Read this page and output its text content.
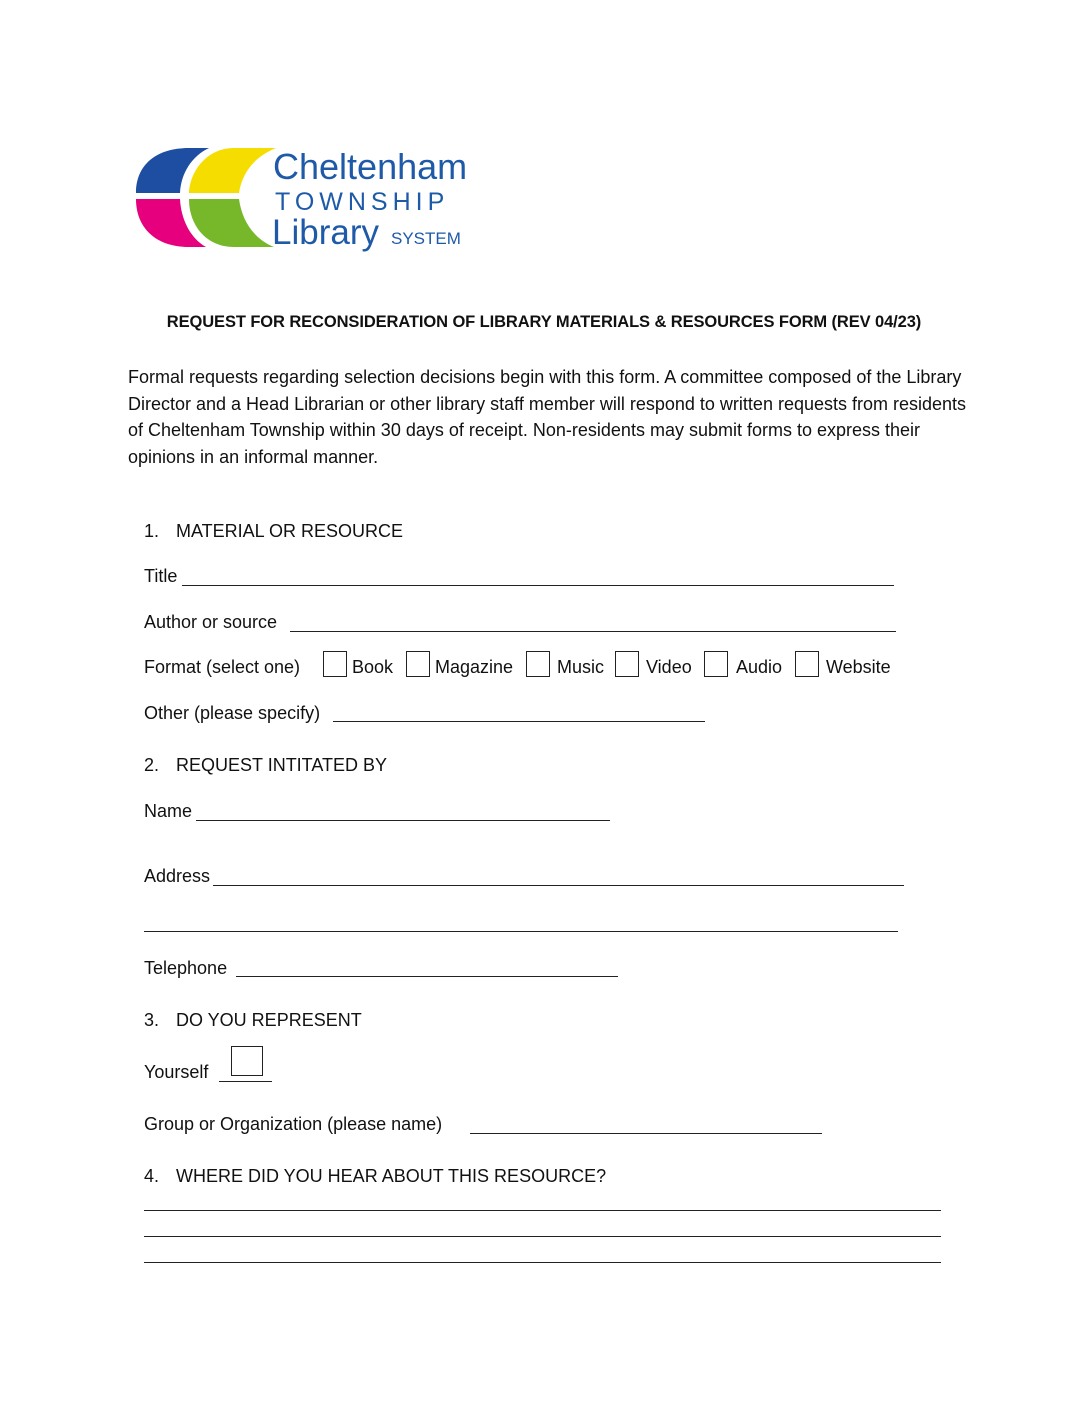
Cheltenham
TOWNSHIP
Library SYSTEM
REQUEST FOR RECONSIDERATION OF LIBRARY MATERIALS & RESOURCES FORM (REV 04/23)

Formal requests regarding selection decisions begin with this form. A committee composed of the Library Director and a Head Librarian or other library staff member will respond to written requests from residents of Cheltenham Township within 30 days of receipt. Non-residents may submit forms to express their opinions in an informal manner.

1. MATERIAL OR RESOURCE
Title
Author or source
Format (select one)	Book Magazine Music Video Audio Website
Other (please specify)
2. REQUEST INTITATED BY
Name
Address
Telephone
3. DO YOU REPRESENT
Yourself
Group or Organization (please name)
4. WHERE DID YOU HEAR ABOUT THIS RESOURCE?
